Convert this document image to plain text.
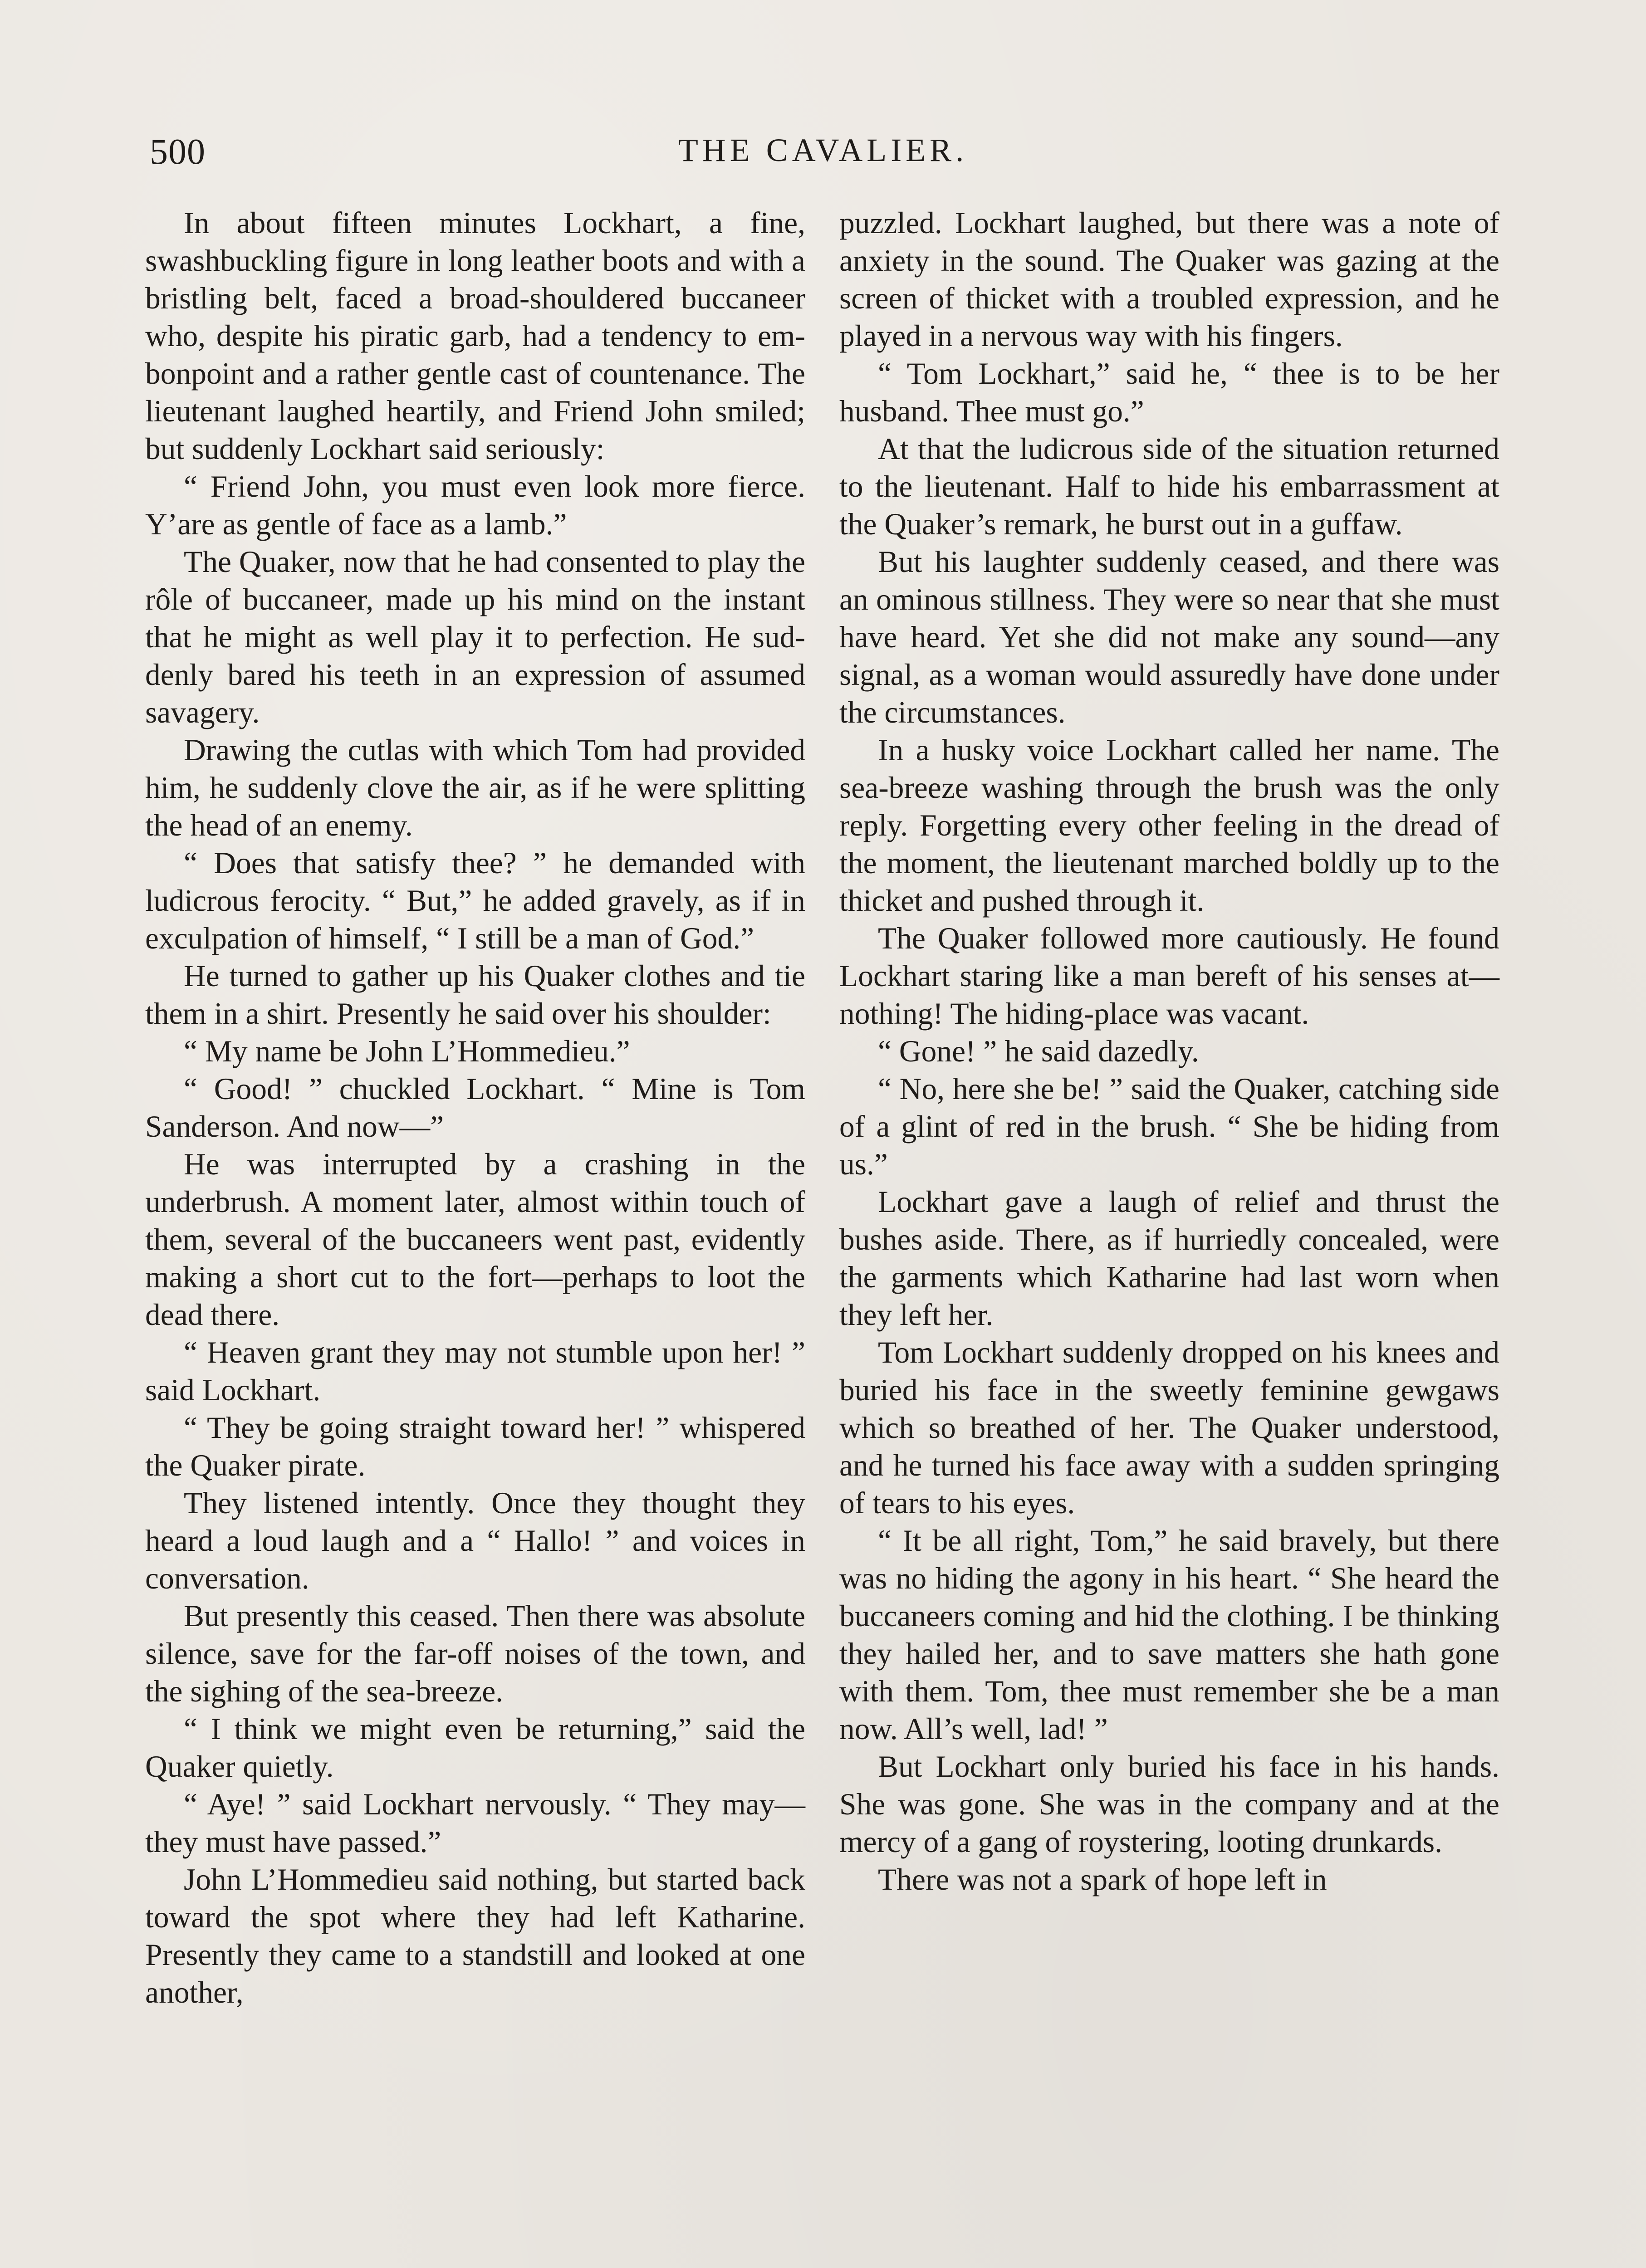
500	THE CAVALIER.

In about fifteen minutes Lockhart, a fine, swashbuckling figure in long leather boots and with a bristling belt, faced a broad-shouldered buccaneer who, despite his piratic garb, had a tendency to embonpoint and a rather gentle cast of countenance. The lieutenant laughed heartily, and Friend John smiled; but suddenly Lockhart said seriously:

“ Friend John, you must even look more fierce. Y’are as gentle of face as a lamb.”

The Quaker, now that he had consented to play the rôle of buccaneer, made up his mind on the instant that he might as well play it to perfection. He suddenly bared his teeth in an expression of assumed savagery.

Drawing the cutlas with which Tom had provided him, he suddenly clove the air, as if he were splitting the head of an enemy.

“ Does that satisfy thee? ” he demanded with ludicrous ferocity. “ But,” he added gravely, as if in exculpation of himself, “ I still be a man of God.”

He turned to gather up his Quaker clothes and tie them in a shirt. Presently he said over his shoulder:

“ My name be John L’Hommedieu.”

“ Good! ” chuckled Lockhart. “ Mine is Tom Sanderson. And now—”

He was interrupted by a crashing in the underbrush. A moment later, almost within touch of them, several of the buccaneers went past, evidently making a short cut to the fort—perhaps to loot the dead there.

“ Heaven grant they may not stumble upon her! ” said Lockhart.

“ They be going straight toward her! ” whispered the Quaker pirate.

They listened intently. Once they thought they heard a loud laugh and a “ Hallo! ” and voices in conversation.

But presently this ceased. Then there was absolute silence, save for the far-off noises of the town, and the sighing of the sea-breeze.

“ I think we might even be returning,” said the Quaker quietly.

“ Aye! ” said Lockhart nervously. “ They may—they must have passed.”

John L’Hommedieu said nothing, but started back toward the spot where they had left Katharine. Presently they came to a standstill and looked at one another,

puzzled. Lockhart laughed, but there was a note of anxiety in the sound. The Quaker was gazing at the screen of thicket with a troubled expression, and he played in a nervous way with his fingers.

“ Tom Lockhart,” said he, “ thee is to be her husband. Thee must go.”

At that the ludicrous side of the situation returned to the lieutenant. Half to hide his embarrassment at the Quaker’s remark, he burst out in a guffaw.

But his laughter suddenly ceased, and there was an ominous stillness. They were so near that she must have heard. Yet she did not make any sound—any signal, as a woman would assuredly have done under the circumstances.

In a husky voice Lockhart called her name. The sea-breeze washing through the brush was the only reply. Forgetting every other feeling in the dread of the moment, the lieutenant marched boldly up to the thicket and pushed through it.

The Quaker followed more cautiously. He found Lockhart staring like a man bereft of his senses at—nothing! The hiding-place was vacant.

“ Gone! ” he said dazedly.

“ No, here she be! ” said the Quaker, catching side of a glint of red in the brush. “ She be hiding from us.”

Lockhart gave a laugh of relief and thrust the bushes aside. There, as if hurriedly concealed, were the garments which Katharine had last worn when they left her.

Tom Lockhart suddenly dropped on his knees and buried his face in the sweetly feminine gewgaws which so breathed of her. The Quaker understood, and he turned his face away with a sudden springing of tears to his eyes.

“ It be all right, Tom,” he said bravely, but there was no hiding the agony in his heart. “ She heard the buccaneers coming and hid the clothing. I be thinking they hailed her, and to save matters she hath gone with them. Tom, thee must remember she be a man now. All’s well, lad! ”

But Lockhart only buried his face in his hands. She was gone. She was in the company and at the mercy of a gang of roystering, looting drunkards.

There was not a spark of hope left in
